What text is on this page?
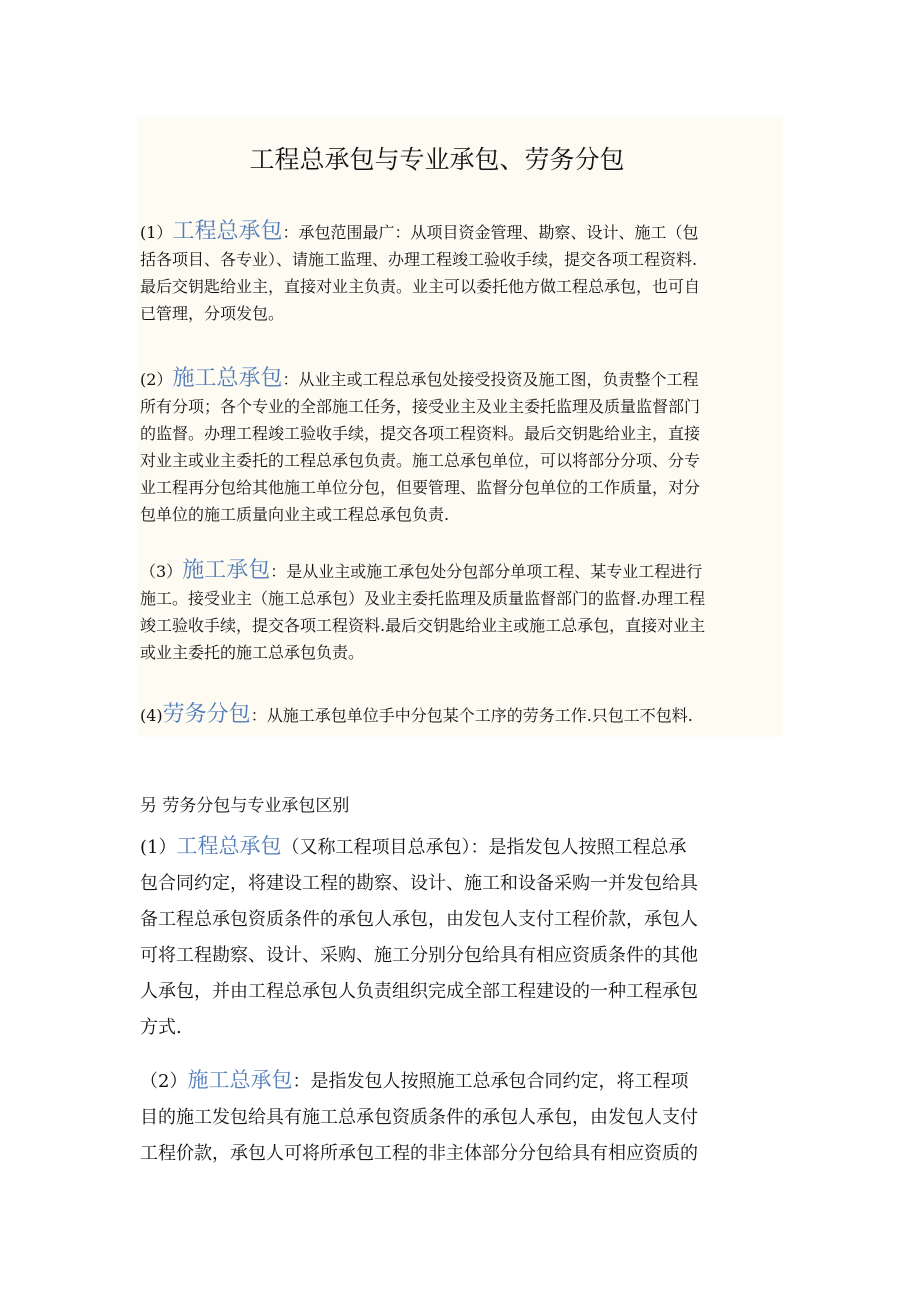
工程总承包与专业承包、劳务分包

(1）工程总承包：承包范围最广：从项目资金管理、勘察、设计、施工（包
括各项目、各专业）、请施工监理、办理工程竣工验收手续，提交各项工程资料.
最后交钥匙给业主，直接对业主负责。业主可以委托他方做工程总承包，也可自
已管理，分项发包。

(2）施工总承包：从业主或工程总承包处接受投资及施工图，负责整个工程
所有分项；各个专业的全部施工任务，接受业主及业主委托监理及质量监督部门
的监督。办理工程竣工验收手续，提交各项工程资料。最后交钥匙给业主，直接
对业主或业主委托的工程总承包负责。施工总承包单位，可以将部分分项、分专
业工程再分包给其他施工单位分包，但要管理、监督分包单位的工作质量，对分
包单位的施工质量向业主或工程总承包负责.

（3）施工承包：是从业主或施工承包处分包部分单项工程、某专业工程进行
施工。接受业主（施工总承包）及业主委托监理及质量监督部门的监督.办理工程
竣工验收手续，提交各项工程资料.最后交钥匙给业主或施工总承包，直接对业主
或业主委托的施工总承包负责。

(4)劳务分包：从施工承包单位手中分包某个工序的劳务工作.只包工不包料.

另 劳务分包与专业承包区别

(1）工程总承包（又称工程项目总承包）：是指发包人按照工程总承
包合同约定，将建设工程的勘察、设计、施工和设备采购一并发包给具
备工程总承包资质条件的承包人承包，由发包人支付工程价款，承包人
可将工程勘察、设计、采购、施工分别分包给具有相应资质条件的其他
人承包，并由工程总承包人负责组织完成全部工程建设的一种工程承包
方式.

（2）施工总承包：是指发包人按照施工总承包合同约定，将工程项
目的施工发包给具有施工总承包资质条件的承包人承包，由发包人支付
工程价款，承包人可将所承包工程的非主体部分分包给具有相应资质的
